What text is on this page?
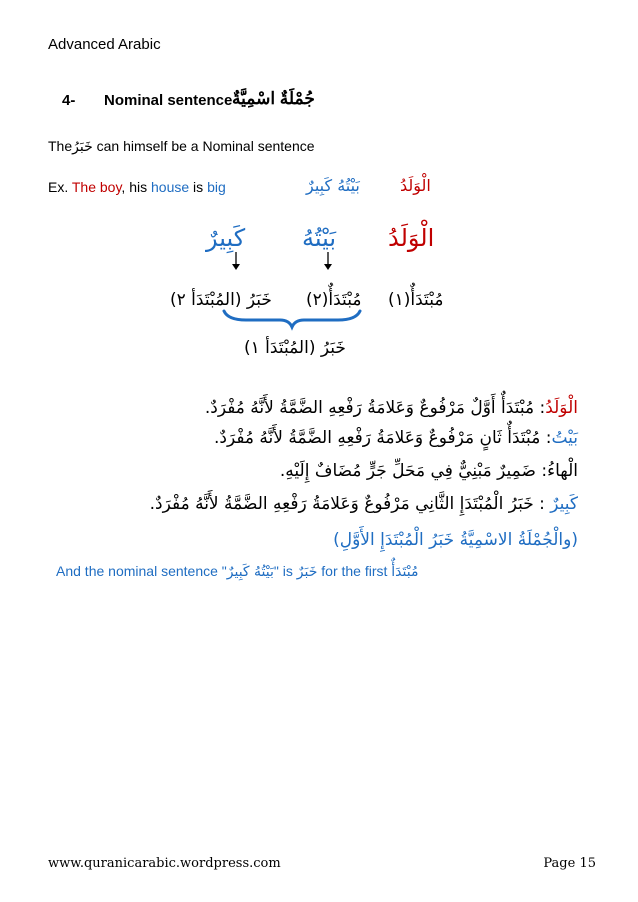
Advanced Arabic
4- Nominal sentence جُمْلَةٌ اسْمِيَّةٌ
Theخَبَرُ can himself be a Nominal sentence
Ex. The boy, his house is big	بَيْتُهُ كَبِيرٌ	الْوَلَدُ
الْوَلَدُ
بَيْتُهُ
كَبِيرٌ
مُبْتَدَأٌ(١)
مُبْتَدَأٌ(٢)
خَبَرُ (المُبْتَدَأ ٢)
خَبَرُ (المُبْتَدَأ ١)
الْوَلَدُ: مُبْتَدَأٌ أَوَّلٌ مَرْفُوعٌ وَعَلامَةُ رَفْعِهِ الضَّمَّةُ لأَنَّهُ مُفْرَدٌ.
بَيْتُ: مُبْتَدَأٌ ثَانٍ مَرْفُوعٌ وَعَلامَةُ رَفْعِهِ الضَّمَّةُ لأَنَّهُ مُفْرَدٌ.
الْهاءُ: ضَمِيرٌ مَبْنِيٌّ فِي مَحَلِّ جَرٍّ مُضَافٌ إِلَيْهِ.
كَبِيرٌ : خَبَرُ الْمُبْتَدَإِ الثَّانِي مَرْفُوعٌ وَعَلامَةُ رَفْعِهِ الضَّمَّةُ لأَنَّهُ مُفْرَدٌ.
(والْجُمْلَةُ الاسْمِيَّةُ خَبَرُ الْمُبْتَدَإِ الأَوَّلِ)
And the nominal sentence "بَيْتُهُ كَبِيرٌ" is خَبَرٌ for the first مُبْتَدَأٌ
www.quranicarabic.wordpress.com	Page 15
